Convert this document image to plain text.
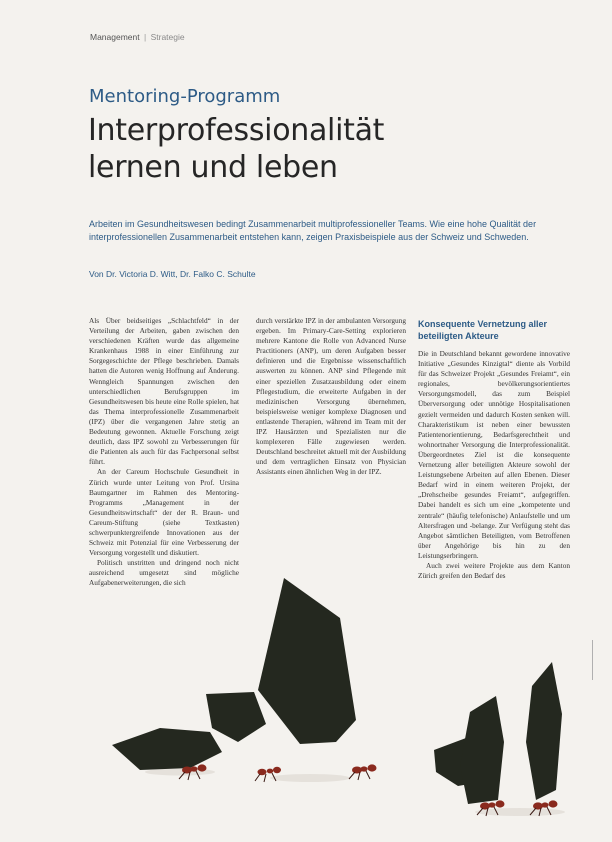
Management | Strategie
Mentoring-Programm
Interprofessionalität
lernen und leben

Arbeiten im Gesundheitswesen bedingt Zusammenarbeit multiprofessioneller Teams. Wie eine hohe Qualität der interprofessionellen Zusammenarbeit entstehen kann, zeigen Praxisbeispiele aus der Schweiz und Schweden.

Von Dr. Victoria D. Witt, Dr. Falko C. Schulte

Als Über beidseitiges „Schlachtfeld“ in der Verteilung der Arbeiten, gaben zwischen den verschiedenen Kräften wurde das allgemeine Krankenhaus 1988 in einer Einführung zur Sorgegeschichte der Pflege beschrieben. Damals hatten die Autoren wenig Hoffnung auf Änderung. Wenngleich Spannungen zwischen den unterschiedlichen Berufsgruppen im Gesundheitswesen bis heute eine Rolle spielen, hat das Thema interprofessionelle Zusammenarbeit (IPZ) über die vergangenen Jahre stetig an Bedeutung gewonnen. Aktuelle Forschung zeigt deutlich, dass IPZ sowohl zu Verbesserungen für die Patienten als auch für das Fachpersonal selbst führt.

An der Careum Hochschule Gesundheit in Zürich wurde unter Leitung von Prof. Ursina Baumgartner im Rahmen des Mentoring-Programms „Management in der Gesundheitswirtschaft“ der der R. Braun- und Careum-Stiftung (siehe Textkasten) schwerpunktergreifende Innovationen aus der Schweiz mit Potenzial für eine Verbesserung der Versorgung vorgestellt und diskutiert.

Politisch unstritten und dringend noch nicht ausreichend umgesetzt sind mögliche Aufgabenerweiterungen, die sich

durch verstärkte IPZ in der ambulanten Versorgung ergeben. Im Primary-Care-Setting explorieren mehrere Kantone die Rolle von Advanced Nurse Practitioners (ANP), um deren Aufgaben besser definieren und die Ergebnisse wissenschaftlich auswerten zu können. ANP sind Pflegende mit einer speziellen Zusatzausbildung oder einem Pflegestudium, die erweiterte Aufgaben in der medizinischen Versorgung übernehmen, beispielsweise weniger komplexe Diagnosen und entlastende Therapien, während im Team mit der IPZ Hausärzten und Spezialisten nur die komplexeren Fälle zugewiesen werden. Deutschland beschreitet aktuell mit der Ausbildung und dem vertraglichen Einsatz von Physician Assistants einen ähnlichen Weg in der IPZ.

Konsequente Vernetzung aller beteiligten Akteure

Die in Deutschland bekannt gewordene innovative Initiative „Gesundes Kinzigtal“ diente als Vorbild für das Schweizer Projekt „Gesundes Freiamt“, ein regionales, bevölkerungsorientiertes Versorgungsmodell, das zum Beispiel Überversorgung oder unnötige Hospitalisationen gezielt vermeiden und dadurch Kosten senken will. Charakteristikum ist neben einer bewussten Patientenorientierung, Bedarfsgerechtheit und wohnortnaher Versorgung die Interprofessionalität. Übergeordnetes Ziel ist die konsequente Vernetzung aller beteiligten Akteure sowohl der Leistungsebene Arbeiten auf allen Ebenen. Dieser Bedarf wird in einem weiteren Projekt, der „Drehscheibe gesundes Freiamt“, aufgegriffen. Dabei handelt es sich um eine „kompetente und zentrale“ (häufig telefonische) Anlaufstelle und um Altersfragen und -belange. Zur Verfügung steht das Angebot sämtlichen Beteiligten, vom Betroffenen über Angehörige bis hin zu den Leistungserbringern.

Auch zwei weitere Projekte aus dem Kanton Zürich greifen den Bedarf des
